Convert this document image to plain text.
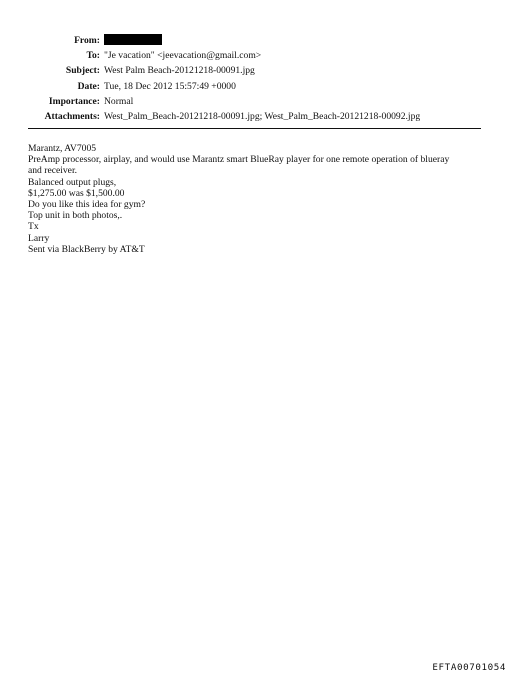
From:
To: "Je vacation" <jeevacation@gmail.com>
Subject: West Palm Beach-20121218-00091.jpg
Date: Tue, 18 Dec 2012 15:57:49 +0000
Importance: Normal
Attachments: West_Palm_Beach-20121218-00091.jpg; West_Palm_Beach-20121218-00092.jpg
Marantz, AV7005
PreAmp processor, airplay, and would use Marantz smart BlueRay player for one remote operation of blueray
and receiver.
Balanced output plugs,
$1,275.00 was $1,500.00
Do you like this idea for gym?
Top unit in both photos,.
Tx
Larry
Sent via BlackBerry by AT&T
EFTA00701054
